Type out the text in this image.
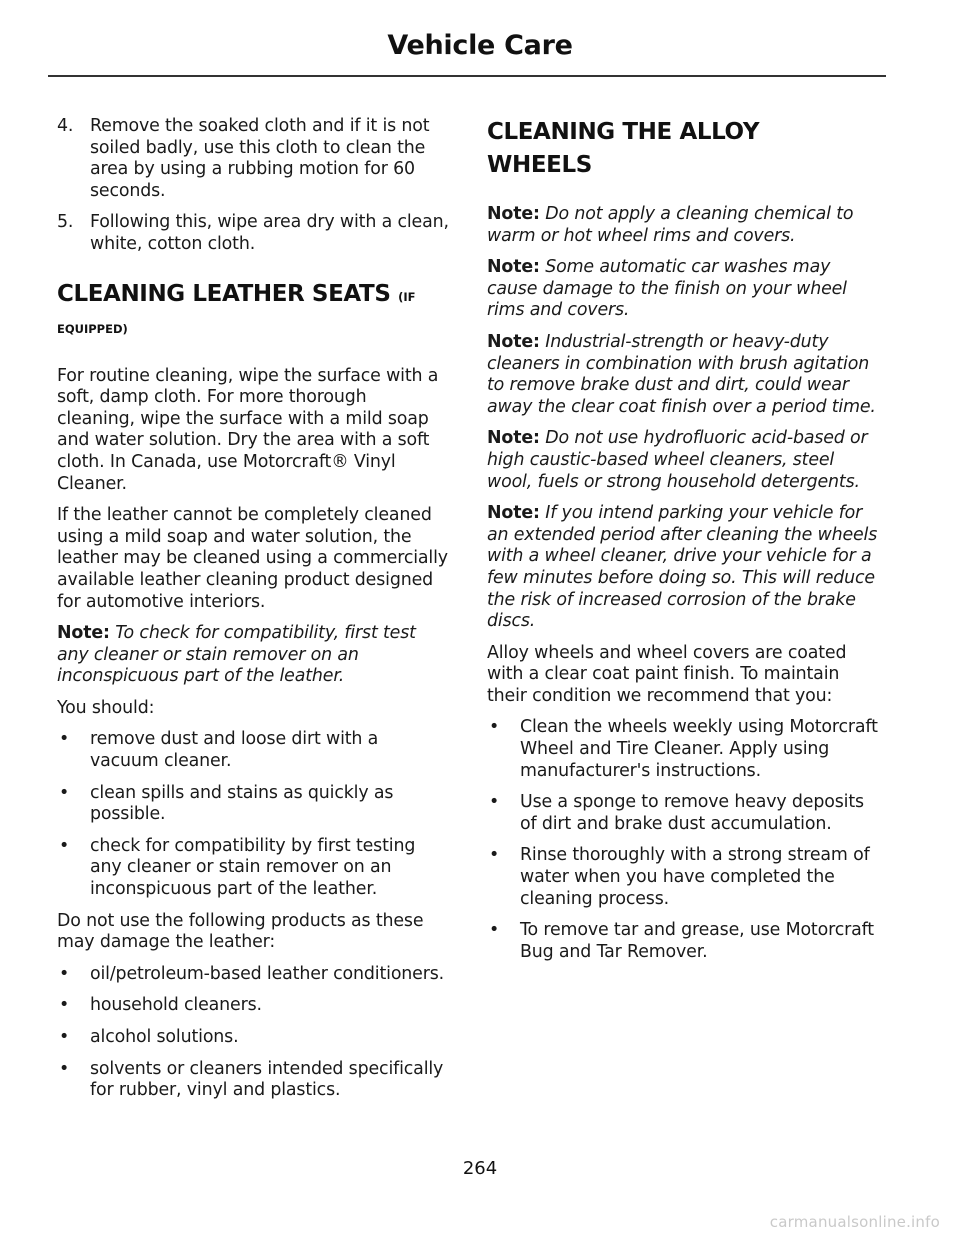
Vehicle Care
4. Remove the soaked cloth and if it is not soiled badly, use this cloth to clean the area by using a rubbing motion for 60 seconds.
5. Following this, wipe area dry with a clean, white, cotton cloth.
CLEANING LEATHER SEATS (IF
EQUIPPED)

For routine cleaning, wipe the surface with a soft, damp cloth. For more thorough cleaning, wipe the surface with a mild soap and water solution. Dry the area with a soft cloth. In Canada, use Motorcraft® Vinyl Cleaner.

If the leather cannot be completely cleaned using a mild soap and water solution, the leather may be cleaned using a commercially available leather cleaning product designed for automotive interiors.

Note: To check for compatibility, first test any cleaner or stain remover on an inconspicuous part of the leather.

You should:

• remove dust and loose dirt with a vacuum cleaner.
• clean spills and stains as quickly as possible.
• check for compatibility by first testing any cleaner or stain remover on an inconspicuous part of the leather.

Do not use the following products as these may damage the leather:

• oil/petroleum-based leather conditioners.
• household cleaners.
• alcohol solutions.
• solvents or cleaners intended specifically for rubber, vinyl and plastics.
CLEANING THE ALLOY
WHEELS
Note: Do not apply a cleaning chemical to warm or hot wheel rims and covers.
Note: Some automatic car washes may cause damage to the finish on your wheel rims and covers.
Note: Industrial-strength or heavy-duty cleaners in combination with brush agitation to remove brake dust and dirt, could wear away the clear coat finish over a period time.
Note: Do not use hydrofluoric acid-based or high caustic-based wheel cleaners, steel wool, fuels or strong household detergents.
Note: If you intend parking your vehicle for an extended period after cleaning the wheels with a wheel cleaner, drive your vehicle for a few minutes before doing so. This will reduce the risk of increased corrosion of the brake discs.

Alloy wheels and wheel covers are coated with a clear coat paint finish. To maintain their condition we recommend that you:

• Clean the wheels weekly using Motorcraft Wheel and Tire Cleaner. Apply using manufacturer's instructions.
• Use a sponge to remove heavy deposits of dirt and brake dust accumulation.
• Rinse thoroughly with a strong stream of water when you have completed the cleaning process.
• To remove tar and grease, use Motorcraft Bug and Tar Remover.
264
carmanualsonline.info
